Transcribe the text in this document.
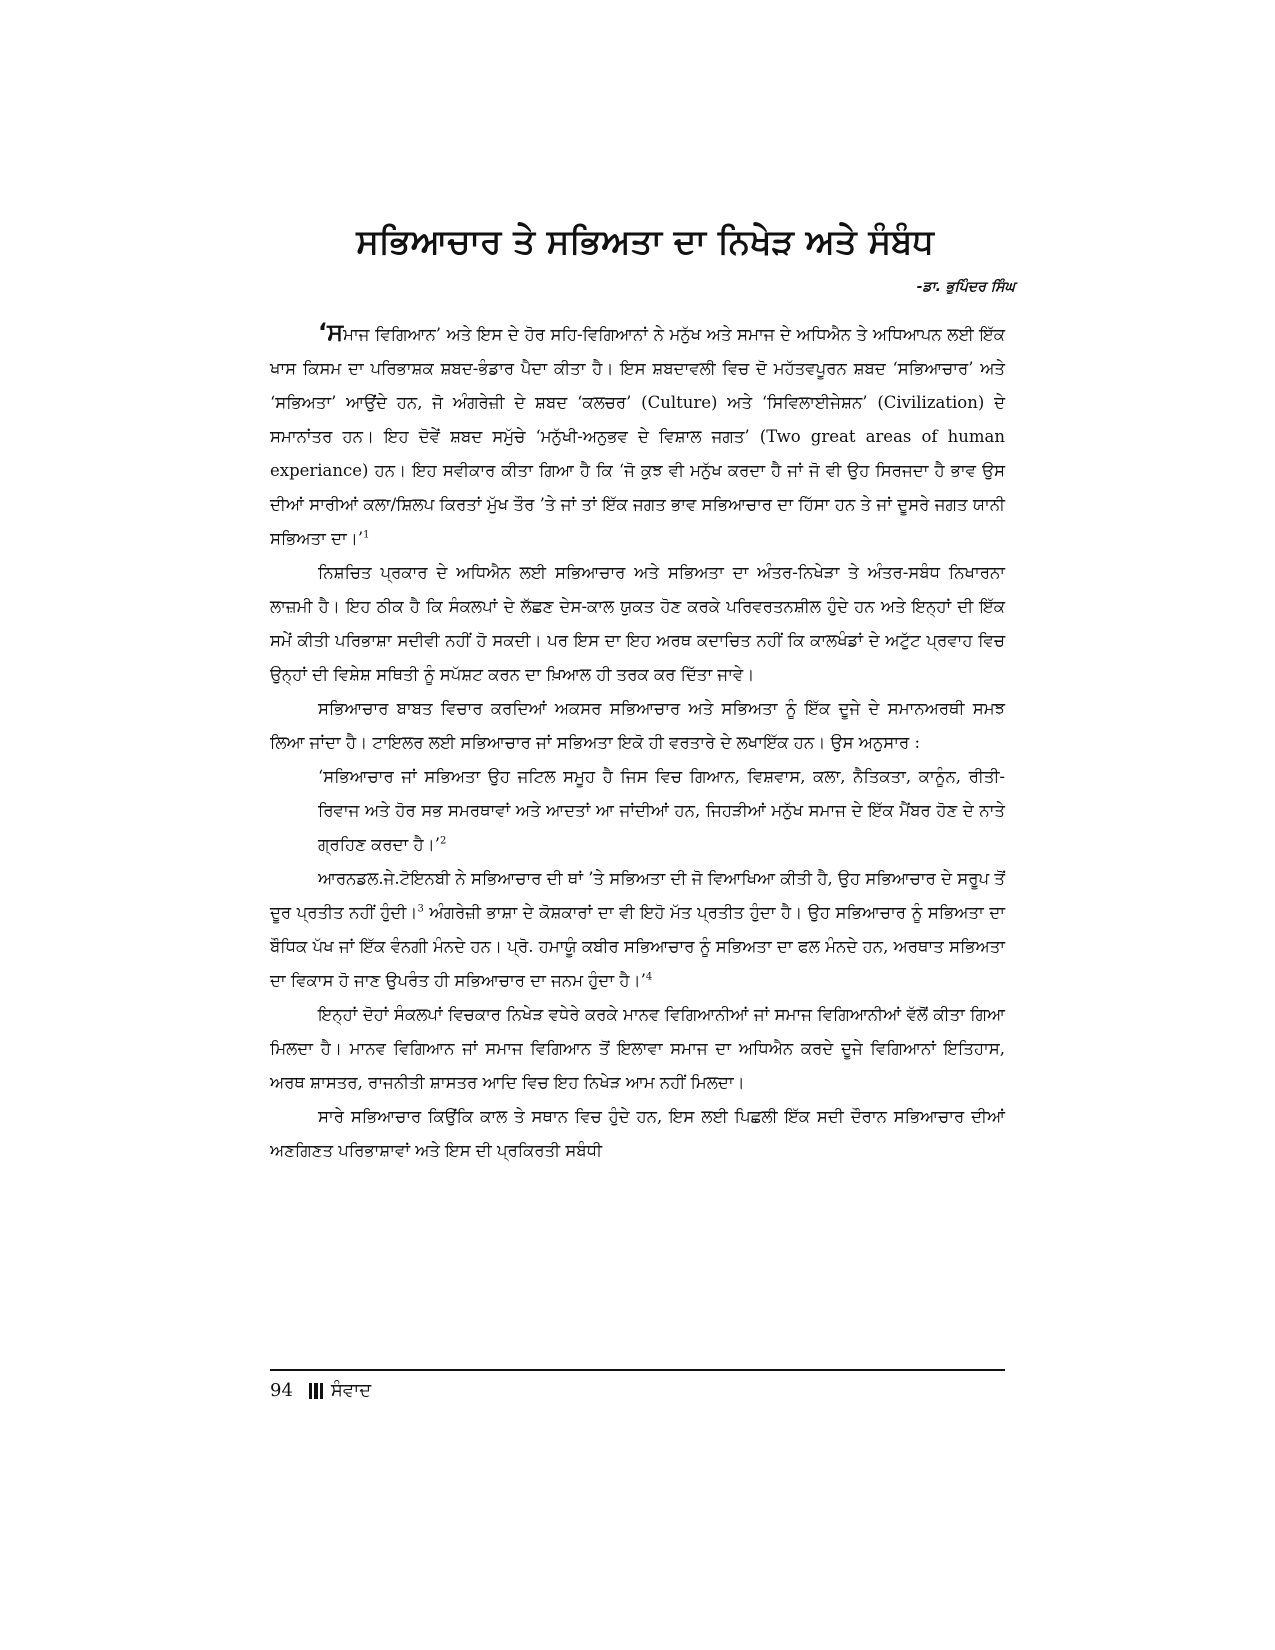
ਸਭਿਆਚਾਰ ਤੇ ਸਭਿਅਤਾ ਦਾ ਨਿਖੇੜ ਅਤੇ ਸੰਬੰਧ
-ਡਾ. ਭੁਪਿੰਦਰ ਸਿੰਘ

‘ਸਮਾਜ ਵਿਗਿਆਨ’ ਅਤੇ ਇਸ ਦੇ ਹੋਰ ਸਹਿ-ਵਿਗਿਆਨਾਂ ਨੇ ਮਨੁੱਖ ਅਤੇ ਸਮਾਜ ਦੇ ਅਧਿਐਨ ਤੇ ਅਧਿਆਪਨ ਲਈ ਇੱਕ ਖਾਸ ਕਿਸਮ ਦਾ ਪਰਿਭਾਸ਼ਕ ਸ਼ਬਦ-ਭੰਡਾਰ ਪੈਦਾ ਕੀਤਾ ਹੈ। ਇਸ ਸ਼ਬਦਾਵਲੀ ਵਿਚ ਦੋ ਮਹੱਤਵਪੂਰਨ ਸ਼ਬਦ ‘ਸਭਿਆਚਾਰ’ ਅਤੇ ‘ਸਭਿਅਤਾ’ ਆਉਂਦੇ ਹਨ, ਜੋ ਅੰਗਰੇਜ਼ੀ ਦੇ ਸ਼ਬਦ ‘ਕਲਚਰ’ (Culture) ਅਤੇ ‘ਸਿਵਿਲਾਈਜੇਸ਼ਨ’ (Civilization) ਦੇ ਸਮਾਨਾਂਤਰ ਹਨ। ਇਹ ਦੋਵੇਂ ਸ਼ਬਦ ਸਮੁੱਚੇ ‘ਮਨੁੱਖੀ-ਅਨੁਭਵ ਦੇ ਵਿਸ਼ਾਲ ਜਗਤ’ (Two great areas of human experiance) ਹਨ। ਇਹ ਸਵੀਕਾਰ ਕੀਤਾ ਗਿਆ ਹੈ ਕਿ ‘ਜੋ ਕੁਝ ਵੀ ਮਨੁੱਖ ਕਰਦਾ ਹੈ ਜਾਂ ਜੋ ਵੀ ਉਹ ਸਿਰਜਦਾ ਹੈ ਭਾਵ ਉਸ ਦੀਆਂ ਸਾਰੀਆਂ ਕਲਾ/ਸ਼ਿਲਪ ਕਿਰਤਾਂ ਮੁੱਖ ਤੌਰ ’ਤੇ ਜਾਂ ਤਾਂ ਇੱਕ ਜਗਤ ਭਾਵ ਸਭਿਆਚਾਰ ਦਾ ਹਿੱਸਾ ਹਨ ਤੇ ਜਾਂ ਦੂਸਰੇ ਜਗਤ ਯਾਨੀ ਸਭਿਅਤਾ ਦਾ।’$^1$

ਨਿਸ਼ਚਿਤ ਪ੍ਰਕਾਰ ਦੇ ਅਧਿਐਨ ਲਈ ਸਭਿਆਚਾਰ ਅਤੇ ਸਭਿਅਤਾ ਦਾ ਅੰਤਰ-ਨਿਖੇੜਾ ਤੇ ਅੰਤਰ-ਸਬੰਧ ਨਿਖਾਰਨਾ ਲਾਜ਼ਮੀ ਹੈ। ਇਹ ਠੀਕ ਹੈ ਕਿ ਸੰਕਲਪਾਂ ਦੇ ਲੱਛਣ ਦੇਸ-ਕਾਲ ਯੁਕਤ ਹੋਣ ਕਰਕੇ ਪਰਿਵਰਤਨਸ਼ੀਲ ਹੁੰਦੇ ਹਨ ਅਤੇ ਇਨ੍ਹਾਂ ਦੀ ਇੱਕ ਸਮੇਂ ਕੀਤੀ ਪਰਿਭਾਸ਼ਾ ਸਦੀਵੀ ਨਹੀਂ ਹੋ ਸਕਦੀ। ਪਰ ਇਸ ਦਾ ਇਹ ਅਰਥ ਕਦਾਚਿਤ ਨਹੀਂ ਕਿ ਕਾਲਖੰਡਾਂ ਦੇ ਅਟੁੱਟ ਪ੍ਰਵਾਹ ਵਿਚ ਉਨ੍ਹਾਂ ਦੀ ਵਿਸ਼ੇਸ਼ ਸਥਿਤੀ ਨੂੰ ਸਪੱਸ਼ਟ ਕਰਨ ਦਾ ਖ਼ਿਆਲ ਹੀ ਤਰਕ ਕਰ ਦਿੱਤਾ ਜਾਵੇ।

ਸਭਿਆਚਾਰ ਬਾਬਤ ਵਿਚਾਰ ਕਰਦਿਆਂ ਅਕਸਰ ਸਭਿਆਚਾਰ ਅਤੇ ਸਭਿਅਤਾ ਨੂੰ ਇੱਕ ਦੂਜੇ ਦੇ ਸਮਾਨਅਰਥੀ ਸਮਝ ਲਿਆ ਜਾਂਦਾ ਹੈ। ਟਾਇਲਰ ਲਈ ਸਭਿਆਚਾਰ ਜਾਂ ਸਭਿਅਤਾ ਇਕੋ ਹੀ ਵਰਤਾਰੇ ਦੇ ਲਖਾਇੱਕ ਹਨ। ਉਸ ਅਨੁਸਾਰ :

‘ਸਭਿਆਚਾਰ ਜਾਂ ਸਭਿਅਤਾ ਉਹ ਜਟਿਲ ਸਮੂਹ ਹੈ ਜਿਸ ਵਿਚ ਗਿਆਨ, ਵਿਸ਼ਵਾਸ, ਕਲਾ, ਨੈਤਿਕਤਾ, ਕਾਨੂੰਨ, ਰੀਤੀ-ਰਿਵਾਜ ਅਤੇ ਹੋਰ ਸਭ ਸਮਰਥਾਵਾਂ ਅਤੇ ਆਦਤਾਂ ਆ ਜਾਂਦੀਆਂ ਹਨ, ਜਿਹੜੀਆਂ ਮਨੁੱਖ ਸਮਾਜ ਦੇ ਇੱਕ ਮੈਂਬਰ ਹੋਣ ਦੇ ਨਾਤੇ ਗ੍ਰਹਿਣ ਕਰਦਾ ਹੈ।’$^2$

ਆਰਨਡਲ.ਜੇ.ਟੋਇਨਬੀ ਨੇ ਸਭਿਆਚਾਰ ਦੀ ਥਾਂ ’ਤੇ ਸਭਿਅਤਾ ਦੀ ਜੋ ਵਿਆਖਿਆ ਕੀਤੀ ਹੈ, ਉਹ ਸਭਿਆਚਾਰ ਦੇ ਸਰੂਪ ਤੋਂ ਦੂਰ ਪ੍ਰਤੀਤ ਨਹੀਂ ਹੁੰਦੀ।$^3$ ਅੰਗਰੇਜ਼ੀ ਭਾਸ਼ਾ ਦੇ ਕੋਸ਼ਕਾਰਾਂ ਦਾ ਵੀ ਇਹੋ ਮੱਤ ਪ੍ਰਤੀਤ ਹੁੰਦਾ ਹੈ। ਉਹ ਸਭਿਆਚਾਰ ਨੂੰ ਸਭਿਅਤਾ ਦਾ ਬੌਧਿਕ ਪੱਖ ਜਾਂ ਇੱਕ ਵੰਨਗੀ ਮੰਨਦੇ ਹਨ। ਪ੍ਰੋ. ਹਮਾਯੂੰ ਕਬੀਰ ਸਭਿਆਚਾਰ ਨੂੰ ਸਭਿਅਤਾ ਦਾ ਫਲ ਮੰਨਦੇ ਹਨ, ਅਰਥਾਤ ਸਭਿਅਤਾ ਦਾ ਵਿਕਾਸ ਹੋ ਜਾਣ ਉਪਰੰਤ ਹੀ ਸਭਿਆਚਾਰ ਦਾ ਜਨਮ ਹੁੰਦਾ ਹੈ।’$^4$

ਇਨ੍ਹਾਂ ਦੋਹਾਂ ਸੰਕਲਪਾਂ ਵਿਚਕਾਰ ਨਿਖੇੜ ਵਧੇਰੇ ਕਰਕੇ ਮਾਨਵ ਵਿਗਿਆਨੀਆਂ ਜਾਂ ਸਮਾਜ ਵਿਗਿਆਨੀਆਂ ਵੱਲੋਂ ਕੀਤਾ ਗਿਆ ਮਿਲਦਾ ਹੈ। ਮਾਨਵ ਵਿਗਿਆਨ ਜਾਂ ਸਮਾਜ ਵਿਗਿਆਨ ਤੋਂ ਇਲਾਵਾ ਸਮਾਜ ਦਾ ਅਧਿਐਨ ਕਰਦੇ ਦੂਜੇ ਵਿਗਿਆਨਾਂ ਇਤਿਹਾਸ, ਅਰਥ ਸ਼ਾਸਤਰ, ਰਾਜਨੀਤੀ ਸ਼ਾਸਤਰ ਆਦਿ ਵਿਚ ਇਹ ਨਿਖੇੜ ਆਮ ਨਹੀਂ ਮਿਲਦਾ।

ਸਾਰੇ ਸਭਿਆਚਾਰ ਕਿਉਂਕਿ ਕਾਲ ਤੇ ਸਥਾਨ ਵਿਚ ਹੁੰਦੇ ਹਨ, ਇਸ ਲਈ ਪਿਛਲੀ ਇੱਕ ਸਦੀ ਦੌਰਾਨ ਸਭਿਆਚਾਰ ਦੀਆਂ ਅਣਗਿਣਤ ਪਰਿਭਾਸ਼ਾਵਾਂ ਅਤੇ ਇਸ ਦੀ ਪ੍ਰਕਿਰਤੀ ਸਬੰਧੀ

94 ਸੰਵਾਦ
